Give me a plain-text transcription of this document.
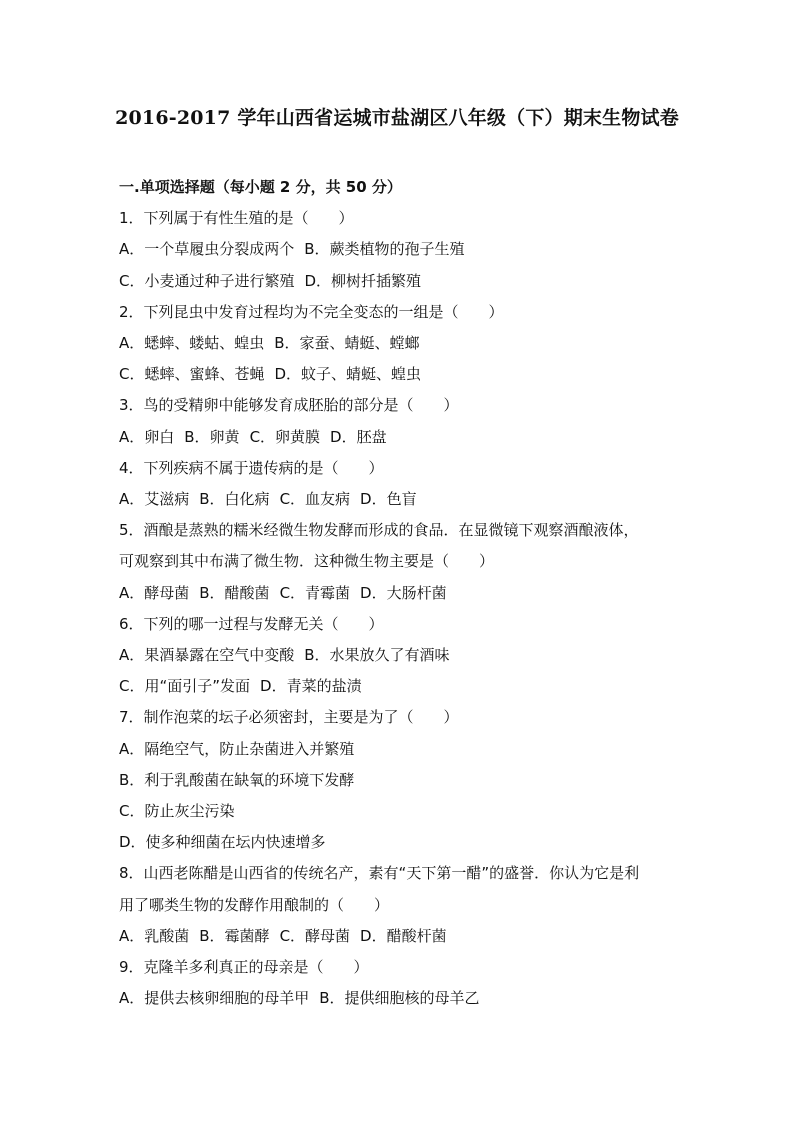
2016-2017 学年山西省运城市盐湖区八年级（下）期末生物试卷
一.单项选择题（每小题 2 分，共 50 分）
1．下列属于有性生殖的是（　　）
A．一个草履虫分裂成两个 B．蕨类植物的孢子生殖
C．小麦通过种子进行繁殖 D．柳树扦插繁殖
2．下列昆虫中发育过程均为不完全变态的一组是（　　）
A．蟋蟀、蝼蛄、蝗虫 B．家蚕、蜻蜓、螳螂
C．蟋蟀、蜜蜂、苍蝇 D．蚊子、蜻蜓、蝗虫
3．鸟的受精卵中能够发育成胚胎的部分是（　　）
A．卵白 B．卵黄 C．卵黄膜 D．胚盘
4．下列疾病不属于遗传病的是（　　）
A．艾滋病 B．白化病 C．血友病 D．色盲
5．酒酿是蒸熟的糯米经微生物发酵而形成的食品．在显微镜下观察酒酿液体，
可观察到其中布满了微生物．这种微生物主要是（　　）
A．酵母菌 B．醋酸菌 C．青霉菌 D．大肠杆菌
6．下列的哪一过程与发酵无关（　　）
A．果酒暴露在空气中变酸 B．水果放久了有酒味
C．用“面引子”发面 D．青菜的盐渍
7．制作泡菜的坛子必须密封，主要是为了（　　）
A．隔绝空气，防止杂菌进入并繁殖
B．利于乳酸菌在缺氧的环境下发酵
C．防止灰尘污染
D．使多种细菌在坛内快速增多
8．山西老陈醋是山西省的传统名产，素有“天下第一醋”的盛誉．你认为它是利
用了哪类生物的发酵作用酿制的（　　）
A．乳酸菌 B．霉菌酵 C．酵母菌 D．醋酸杆菌
9．克隆羊多利真正的母亲是（　　）
A．提供去核卵细胞的母羊甲 B．提供细胞核的母羊乙
